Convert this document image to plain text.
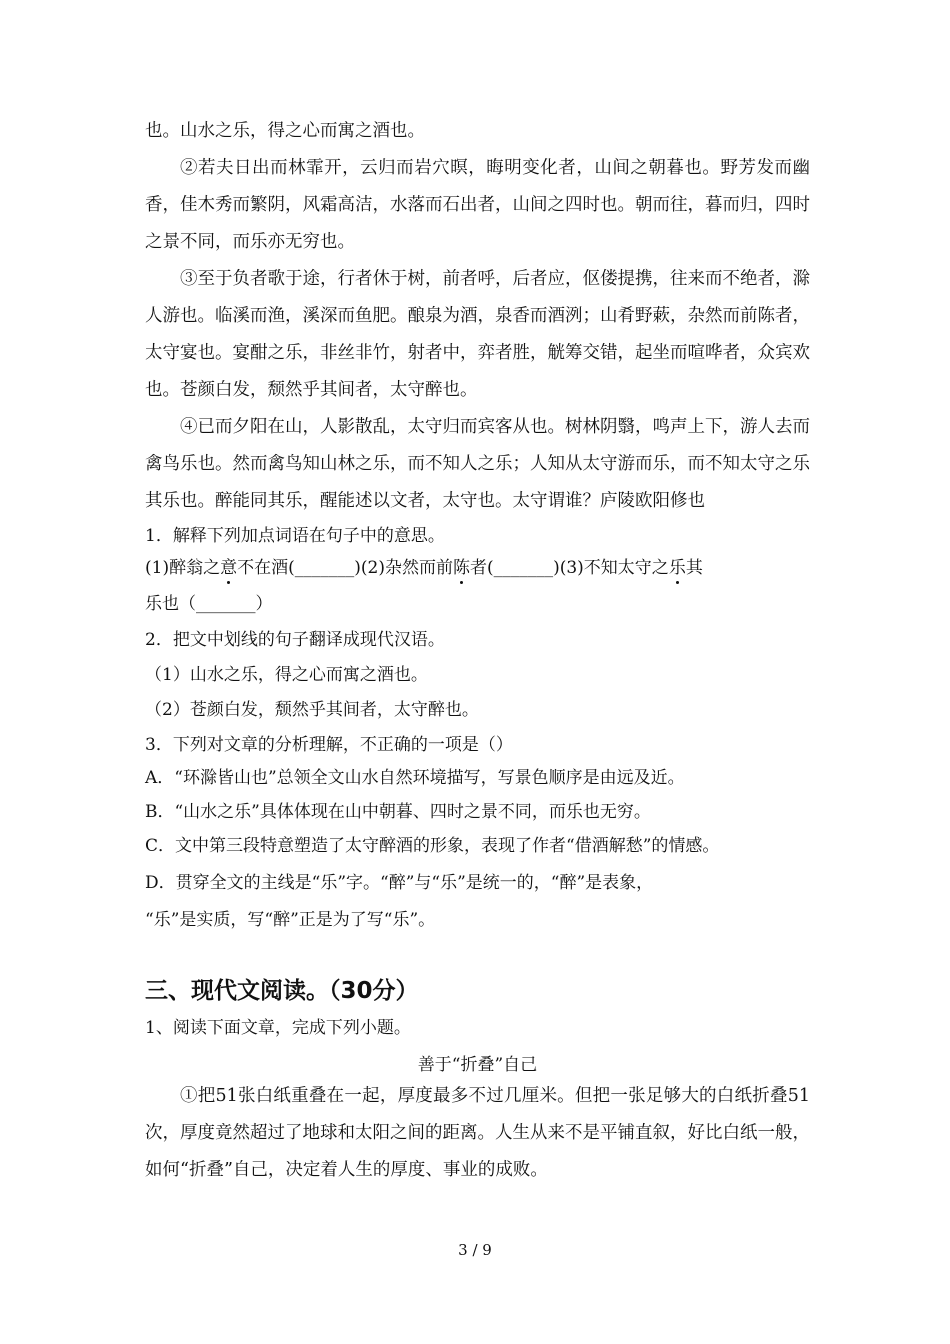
也。山水之乐，得之心而寓之酒也。

②若夫日出而林霏开，云归而岩穴暝，晦明变化者，山间之朝暮也。野芳发而幽香，佳木秀而繁阴，风霜高洁，水落而石出者，山间之四时也。朝而往，暮而归，四时之景不同，而乐亦无穷也。

③至于负者歌于途，行者休于树，前者呼，后者应，伛偻提携，往来而不绝者，滁人游也。临溪而渔，溪深而鱼肥。酿泉为酒，泉香而酒洌；山肴野蔌，杂然而前陈者，太守宴也。宴酣之乐，非丝非竹，射者中，弈者胜，觥筹交错，起坐而喧哗者，众宾欢也。苍颜白发，颓然乎其间者，太守醉也。

④已而夕阳在山，人影散乱，太守归而宾客从也。树林阴翳，鸣声上下，游人去而禽鸟乐也。然而禽鸟知山林之乐，而不知人之乐；人知从太守游而乐，而不知太守之乐其乐也。醉能同其乐，醒能述以文者，太守也。太守谓谁？庐陵欧阳修也

1．解释下列加点词语在句子中的意思。
(1)醉翁之意不在酒(_______)(2)杂然而前陈者(_______)(3)不知太守之乐其
乐也（_______）
2．把文中划线的句子翻译成现代汉语。
（1）山水之乐，得之心而寓之酒也。
（2）苍颜白发，颓然乎其间者，太守醉也。
3．下列对文章的分析理解，不正确的一项是（）
A．“环滁皆山也”总领全文山水自然环境描写，写景色顺序是由远及近。
B．“山水之乐”具体体现在山中朝暮、四时之景不同，而乐也无穷。
C．文中第三段特意塑造了太守醉酒的形象，表现了作者“借酒解愁”的情感。
D．贯穿全文的主线是“乐”字。“醉”与“乐”是统一的，“醉”是表象，
“乐”是实质，写“醉”正是为了写“乐”。
三、现代文阅读。（30分）
1、阅读下面文章，完成下列小题。
善于“折叠”自己

①把51张白纸重叠在一起，厚度最多不过几厘米。但把一张足够大的白纸折叠51次，厚度竟然超过了地球和太阳之间的距离。人生从来不是平铺直叙，好比白纸一般，如何“折叠”自己，决定着人生的厚度、事业的成败。

3 / 9
